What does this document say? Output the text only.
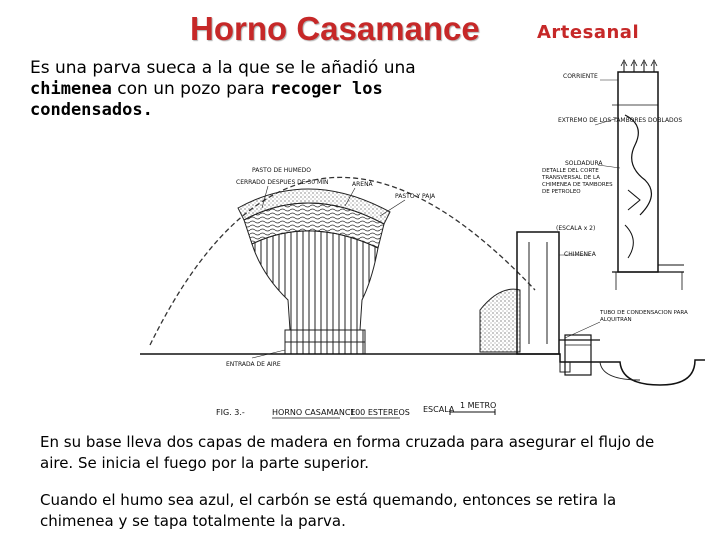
Horno Casamance	Artesanal
Es una parva sueca a la que se le añadió una chimenea con un pozo para recoger los condensados.
PASTO DE HUMEDO
CERRADO DESPUES DE 30 MIN	ARENA
PASTO Y PAJA
CORRIENTE
EXTREMO DE LOS TAMBORES DOBLADOS
SOLDADURA
DETALLE DEL CORTE TRANSVERSAL DE LA CHIMENEA DE TAMBORES DE PETROLEO
(ESCALA x 2)
CHIMENEA
TUBO DE CONDENSACION PARA ALQUITRAN
ENTRADA DE AIRE
FIG. 3.-	HORNO CASAMANCE
100 ESTEREOS ESCALA 1 METRO
En su base lleva dos capas de madera en forma cruzada para asegurar el flujo de aire. Se inicia el fuego por la parte superior.
Cuando el humo sea azul, el carbón se está quemando, entonces se retira la chimenea y se tapa totalmente la parva.
